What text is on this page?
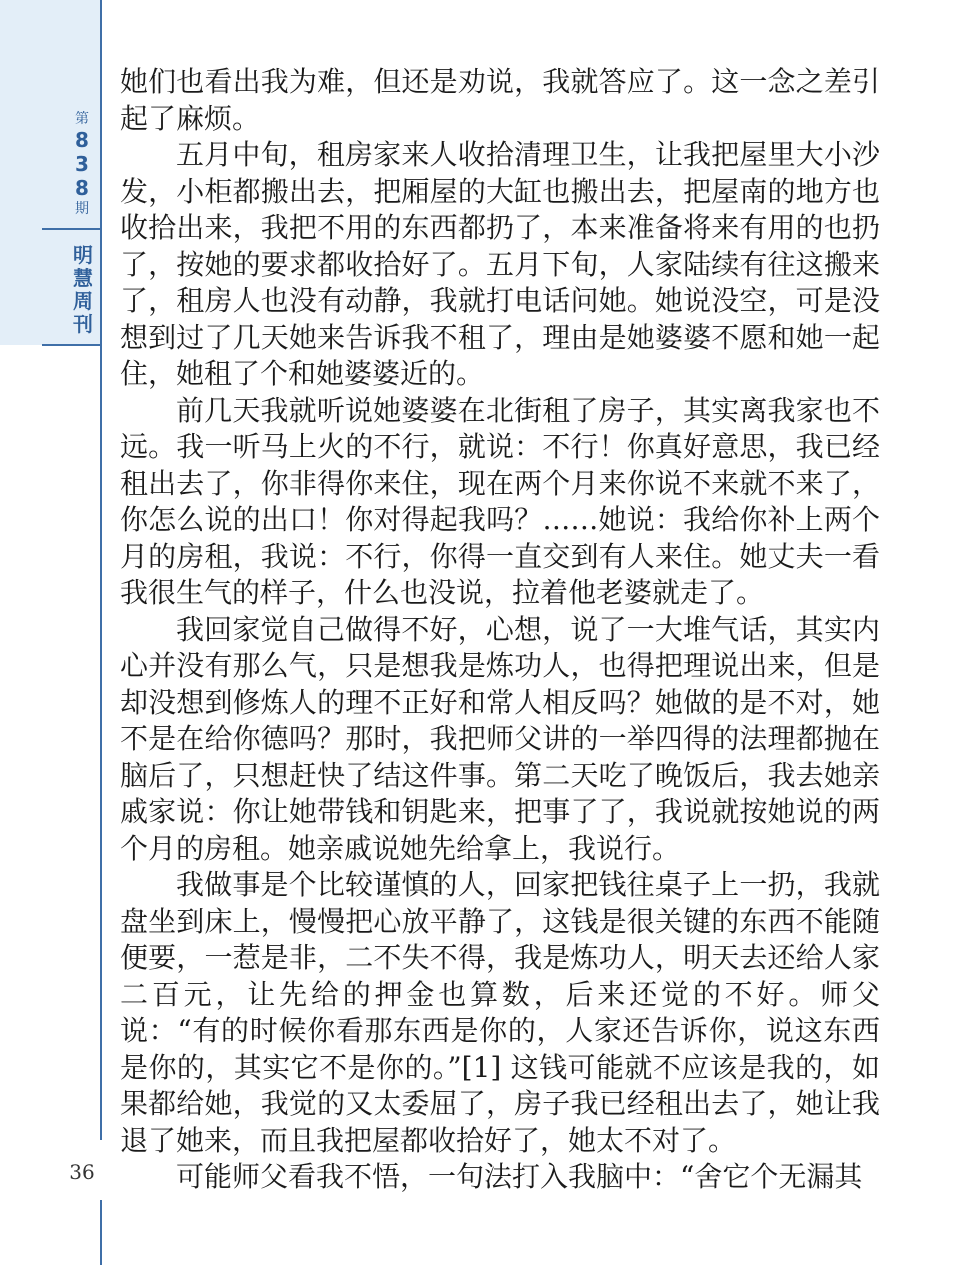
第
8
3
8
期
明
慧
周
刊

她们也看出我为难，但还是劝说，我就答应了。这一念之差引起了麻烦。

五月中旬，租房家来人收拾清理卫生，让我把屋里大小沙发，小柜都搬出去，把厢屋的大缸也搬出去，把屋南的地方也收拾出来，我把不用的东西都扔了，本来准备将来有用的也扔了，按她的要求都收拾好了。五月下旬，人家陆续有往这搬来了，租房人也没有动静，我就打电话问她。她说没空，可是没想到过了几天她来告诉我不租了，理由是她婆婆不愿和她一起住，她租了个和她婆婆近的。

前几天我就听说她婆婆在北街租了房子，其实离我家也不远。我一听马上火的不行，就说：不行！你真好意思，我已经租出去了，你非得你来住，现在两个月来你说不来就不来了，你怎么说的出口！你对得起我吗？……她说：我给你补上两个月的房租，我说：不行，你得一直交到有人来住。她丈夫一看我很生气的样子，什么也没说，拉着他老婆就走了。

我回家觉自己做得不好，心想，说了一大堆气话，其实内心并没有那么气，只是想我是炼功人，也得把理说出来，但是却没想到修炼人的理不正好和常人相反吗？她做的是不对，她不是在给你德吗？那时，我把师父讲的一举四得的法理都抛在脑后了，只想赶快了结这件事。第二天吃了晚饭后，我去她亲戚家说：你让她带钱和钥匙来，把事了了，我说就按她说的两个月的房租。她亲戚说她先给拿上，我说行。

我做事是个比较谨慎的人，回家把钱往桌子上一扔，我就盘坐到床上，慢慢把心放平静了，这钱是很关键的东西不能随便要，一惹是非，二不失不得，我是炼功人，明天去还给人家二百元，让先给的押金也算数，后来还觉的不好。师父说：“有的时候你看那东西是你的，人家还告诉你，说这东西是你的，其实它不是你的。”[1] 这钱可能就不应该是我的，如果都给她，我觉的又太委屈了，房子我已经租出去了，她让我退了她来，而且我把屋都收拾好了，她太不对了。

可能师父看我不悟，一句法打入我脑中：“舍它个无漏其

36
